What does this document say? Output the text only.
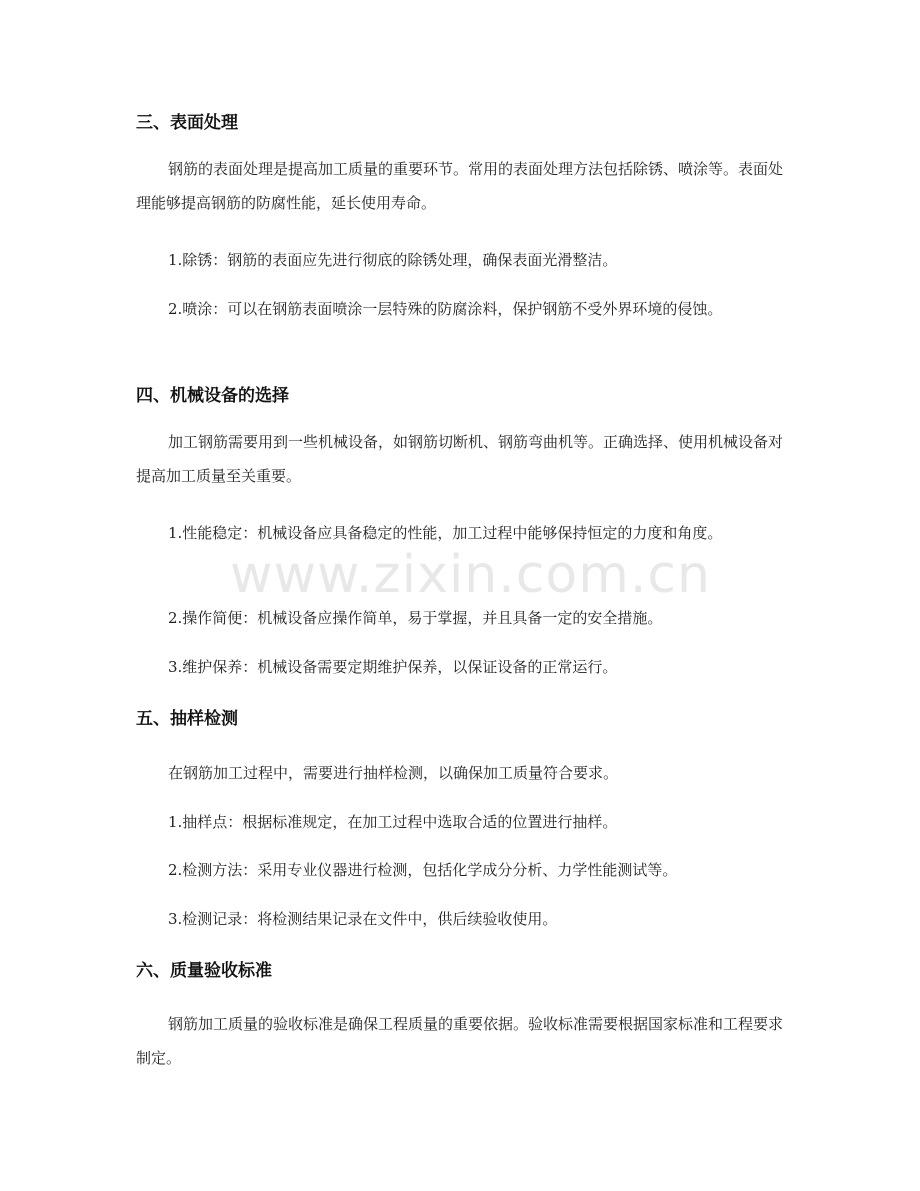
三、表面处理

钢筋的表面处理是提高加工质量的重要环节。常用的表面处理方法包括除锈、喷涂等。表面处理能够提高钢筋的防腐性能，延长使用寿命。

1.除锈：钢筋的表面应先进行彻底的除锈处理，确保表面光滑整洁。

2.喷涂：可以在钢筋表面喷涂一层特殊的防腐涂料，保护钢筋不受外界环境的侵蚀。

四、机械设备的选择

加工钢筋需要用到一些机械设备，如钢筋切断机、钢筋弯曲机等。正确选择、使用机械设备对提高加工质量至关重要。

1.性能稳定：机械设备应具备稳定的性能，加工过程中能够保持恒定的力度和角度。

2.操作简便：机械设备应操作简单，易于掌握，并且具备一定的安全措施。

3.维护保养：机械设备需要定期维护保养，以保证设备的正常运行。

五、抽样检测

在钢筋加工过程中，需要进行抽样检测，以确保加工质量符合要求。

1.抽样点：根据标准规定，在加工过程中选取合适的位置进行抽样。

2.检测方法：采用专业仪器进行检测，包括化学成分分析、力学性能测试等。

3.检测记录：将检测结果记录在文件中，供后续验收使用。

六、质量验收标准

钢筋加工质量的验收标准是确保工程质量的重要依据。验收标准需要根据国家标准和工程要求制定。

www.zixin.com.cn
